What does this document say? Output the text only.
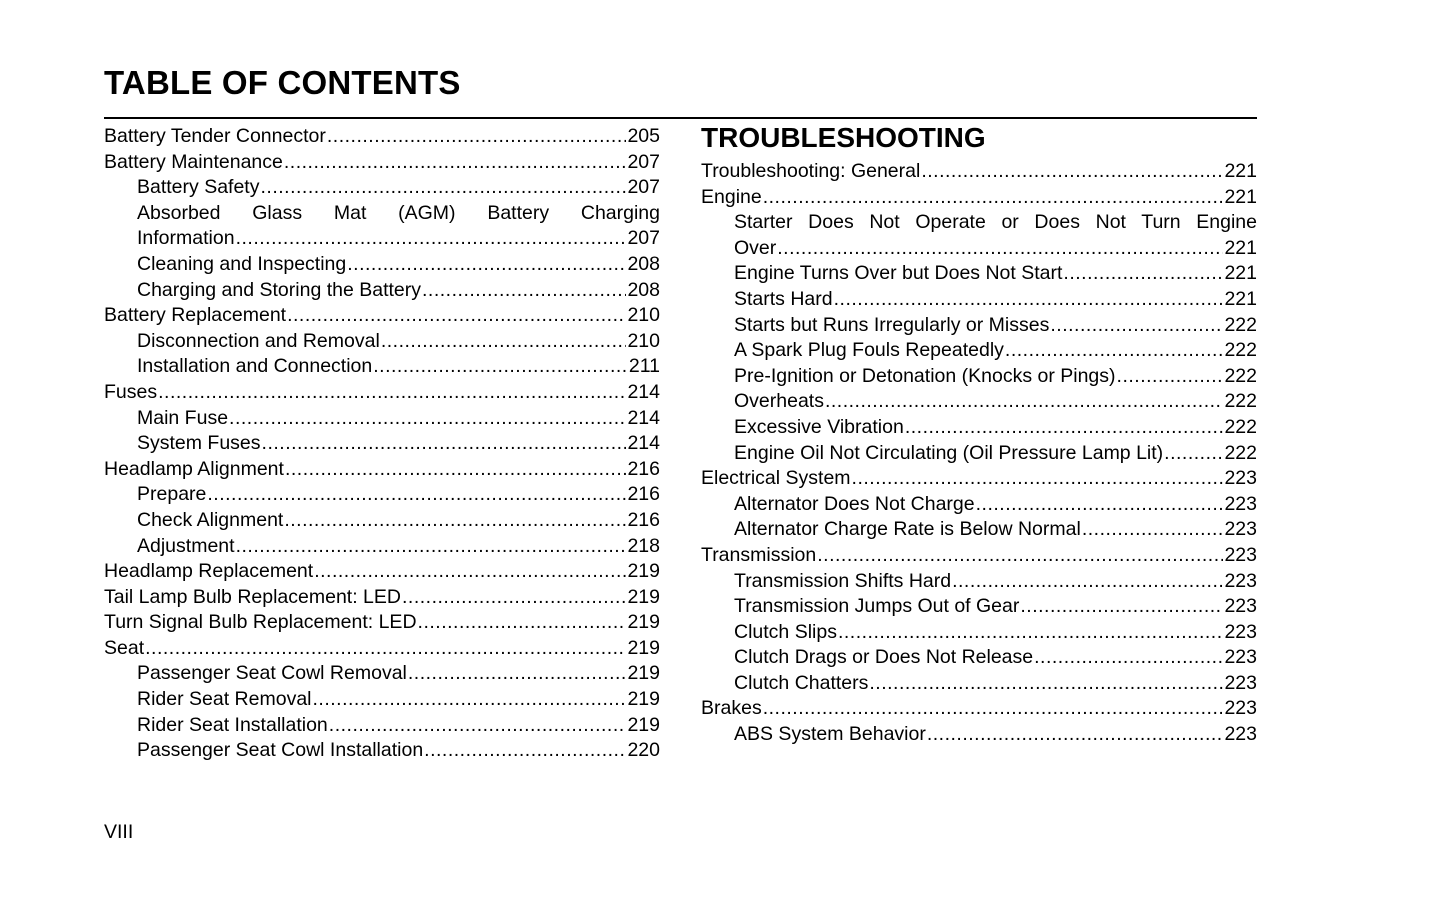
TABLE OF CONTENTS
Battery Tender Connector .....	205
Battery Maintenance .....	207
Battery Safety .....	207
Absorbed Glass Mat (AGM) Battery Charging
Information .....	207
Cleaning and Inspecting .....	208
Charging and Storing the Battery .....	208
Battery Replacement .....	210
Disconnection and Removal .....	210
Installation and Connection .....	211
Fuses .....	214
Main Fuse .....	214
System Fuses .....	214
Headlamp Alignment .....	216
Prepare .....	216
Check Alignment .....	216
Adjustment .....	218
Headlamp Replacement .....	219
Tail Lamp Bulb Replacement: LED .....	219
Turn Signal Bulb Replacement: LED .....	219
Seat .....	219
Passenger Seat Cowl Removal .....	219
Rider Seat Removal .....	219
Rider Seat Installation .....	219
Passenger Seat Cowl Installation .....	220
TROUBLESHOOTING
Troubleshooting: General .....	221
Engine .....	221
Starter Does Not Operate or Does Not Turn Engine
Over .....	221
Engine Turns Over but Does Not Start .....	221
Starts Hard .....	221
Starts but Runs Irregularly or Misses .....	222
A Spark Plug Fouls Repeatedly .....	222
Pre-Ignition or Detonation (Knocks or Pings) .....	222
Overheats .....	222
Excessive Vibration .....	222
Engine Oil Not Circulating (Oil Pressure Lamp Lit) .....	222
Electrical System .....	223
Alternator Does Not Charge .....	223
Alternator Charge Rate is Below Normal .....	223
Transmission .....	223
Transmission Shifts Hard .....	223
Transmission Jumps Out of Gear .....	223
Clutch Slips .....	223
Clutch Drags or Does Not Release .....	223
Clutch Chatters .....	223
Brakes .....	223
ABS System Behavior .....	223
VIII
